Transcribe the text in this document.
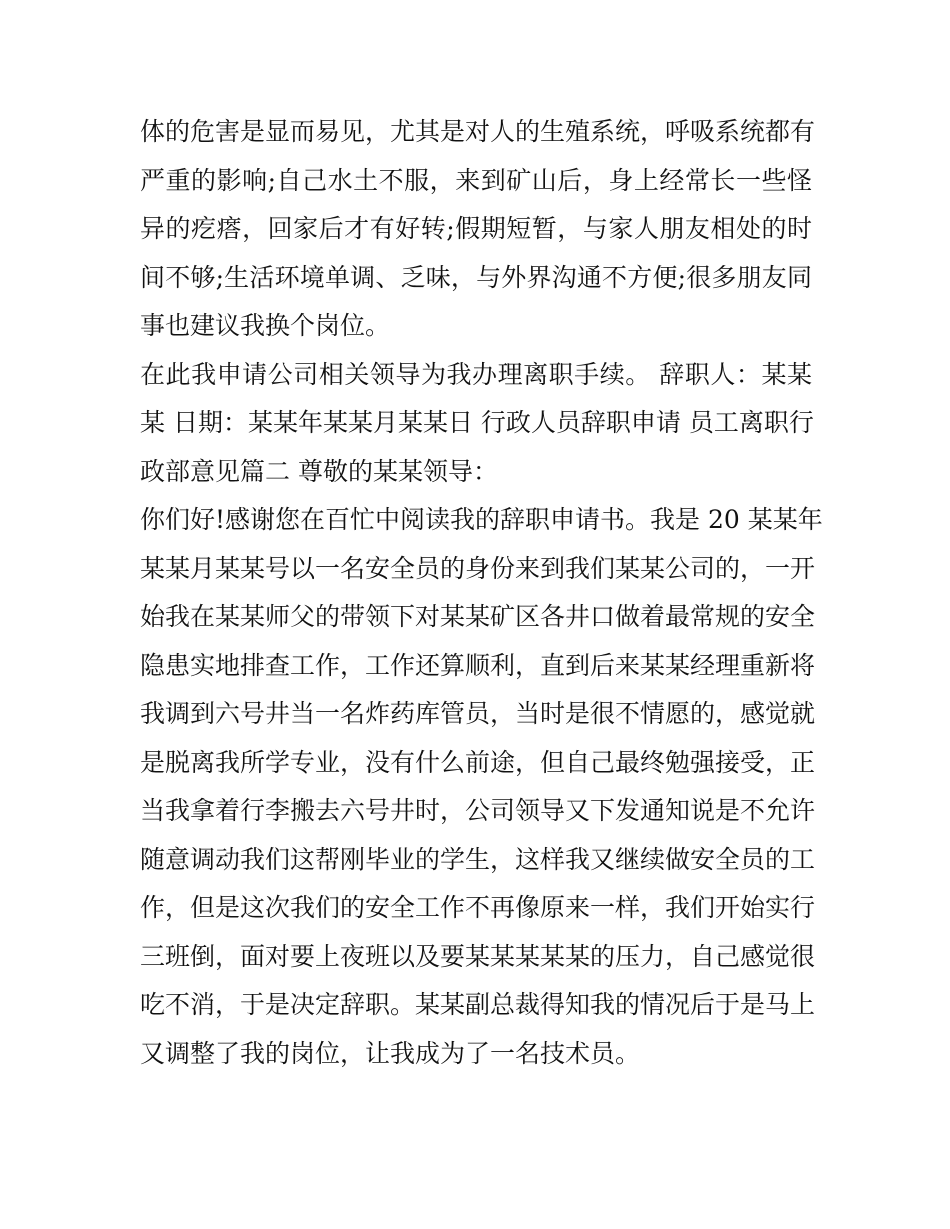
体的危害是显而易见，尤其是对人的生殖系统，呼吸系统都有
严重的影响;自己水土不服，来到矿山后，身上经常长一些怪
异的疙瘩，回家后才有好转;假期短暂，与家人朋友相处的时
间不够;生活环境单调、乏味，与外界沟通不方便;很多朋友同
事也建议我换个岗位。
在此我申请公司相关领导为我办理离职手续。 辞职人：某某
某 日期：某某年某某月某某日 行政人员辞职申请 员工离职行
政部意见篇二 尊敬的某某领导：
你们好!感谢您在百忙中阅读我的辞职申请书。我是 20 某某年
某某月某某号以一名安全员的身份来到我们某某公司的，一开
始我在某某师父的带领下对某某矿区各井口做着最常规的安全
隐患实地排查工作，工作还算顺利，直到后来某某经理重新将
我调到六号井当一名炸药库管员，当时是很不情愿的，感觉就
是脱离我所学专业，没有什么前途，但自己最终勉强接受，正
当我拿着行李搬去六号井时，公司领导又下发通知说是不允许
随意调动我们这帮刚毕业的学生，这样我又继续做安全员的工
作，但是这次我们的安全工作不再像原来一样，我们开始实行
三班倒，面对要上夜班以及要某某某某某的压力，自己感觉很
吃不消，于是决定辞职。某某副总裁得知我的情况后于是马上
又调整了我的岗位，让我成为了一名技术员。
